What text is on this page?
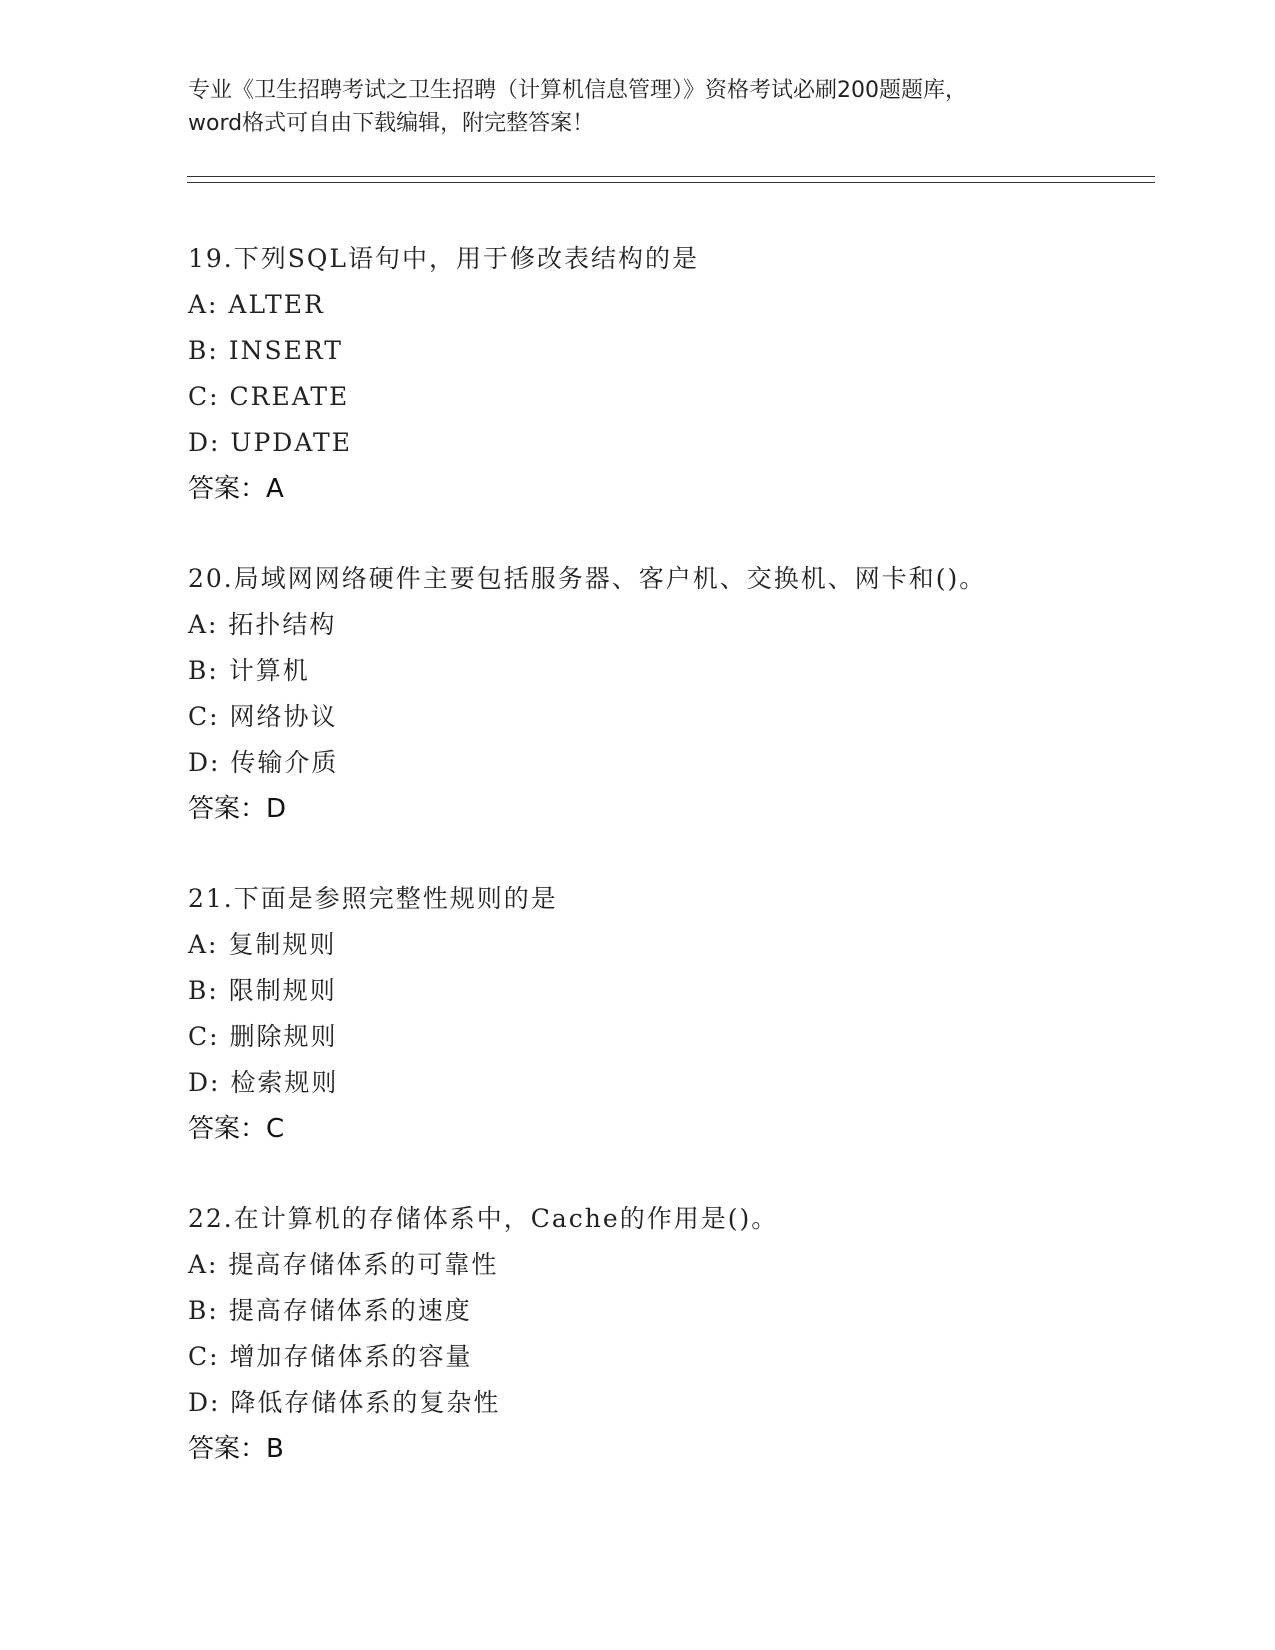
专业《卫生招聘考试之卫生招聘（计算机信息管理）》资格考试必刷200题题库，
word格式可自由下载编辑，附完整答案！
19.下列SQL语句中，用于修改表结构的是
A: ALTER
B: INSERT
C: CREATE
D: UPDATE
答案：A
20.局域网网络硬件主要包括服务器、客户机、交换机、网卡和()。
A: 拓扑结构
B: 计算机
C: 网络协议
D: 传输介质
答案：D
21.下面是参照完整性规则的是
A: 复制规则
B: 限制规则
C: 删除规则
D: 检索规则
答案：C
22.在计算机的存储体系中，Cache的作用是()。
A: 提高存储体系的可靠性
B: 提高存储体系的速度
C: 增加存储体系的容量
D: 降低存储体系的复杂性
答案：B
